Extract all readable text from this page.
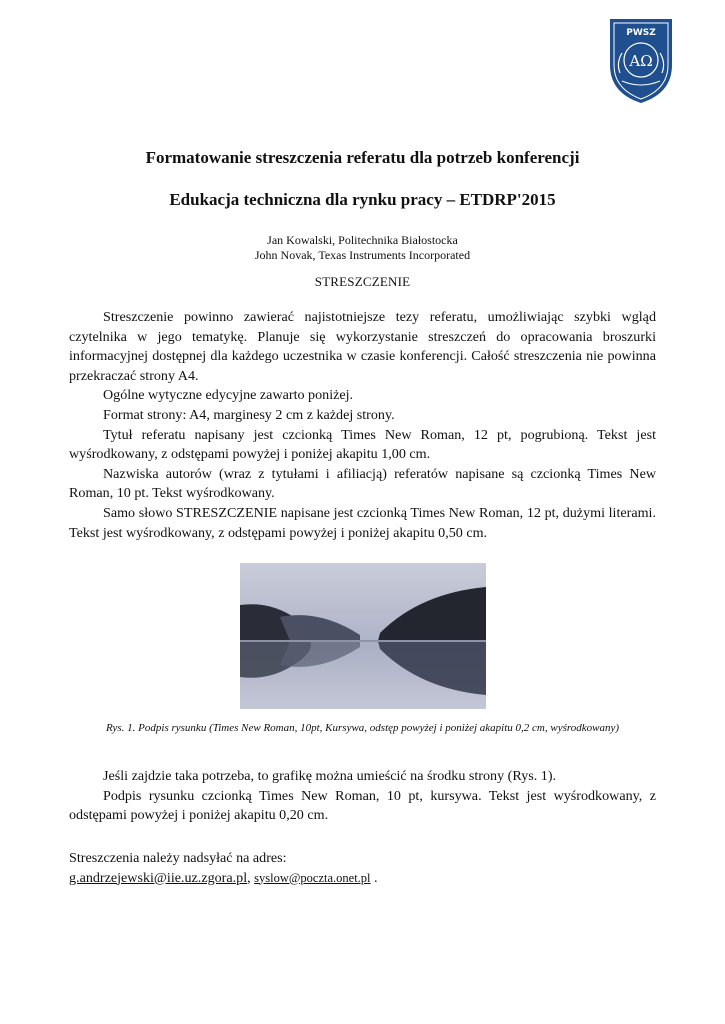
PWSZ
AΩ
Formatowanie streszczenia referatu dla potrzeb konferencji
Edukacja techniczna dla rynku pracy – ETDRP'2015
Jan Kowalski, Politechnika Białostocka
John Novak, Texas Instruments Incorporated
STRESZCZENIE

Streszczenie powinno zawierać najistotniejsze tezy referatu, umożliwiając szybki wgląd czytelnika w jego tematykę. Planuje się wykorzystanie streszczeń do opracowania broszurki informacyjnej dostępnej dla każdego uczestnika w czasie konferencji. Całość streszczenia nie powinna przekraczać strony A4.

Ogólne wytyczne edycyjne zawarto poniżej.

Format strony: A4, marginesy 2 cm z każdej strony.

Tytuł referatu napisany jest czcionką Times New Roman, 12 pt, pogrubioną. Tekst jest wyśrodkowany, z odstępami powyżej i poniżej akapitu 1,00 cm.

Nazwiska autorów (wraz z tytułami i afiliacją) referatów napisane są czcionką Times New Roman, 10 pt. Tekst wyśrodkowany.

Samo słowo STRESZCZENIE napisane jest czcionką Times New Roman, 12 pt, dużymi literami. Tekst jest wyśrodkowany, z odstępami powyżej i poniżej akapitu 0,50 cm.

Rys. 1. Podpis rysunku (Times New Roman, 10pt, Kursywa, odstęp powyżej i poniżej akapitu 0,2 cm, wyśrodkowany)

Jeśli zajdzie taka potrzeba, to grafikę można umieścić na środku strony (Rys. 1).

Podpis rysunku czcionką Times New Roman, 10 pt, kursywa. Tekst jest wyśrodkowany, z odstępami powyżej i poniżej akapitu 0,20 cm.

Streszczenia należy nadsyłać na adres:
g.andrzejewski@iie.uz.zgora.pl, syslow@poczta.onet.pl .
